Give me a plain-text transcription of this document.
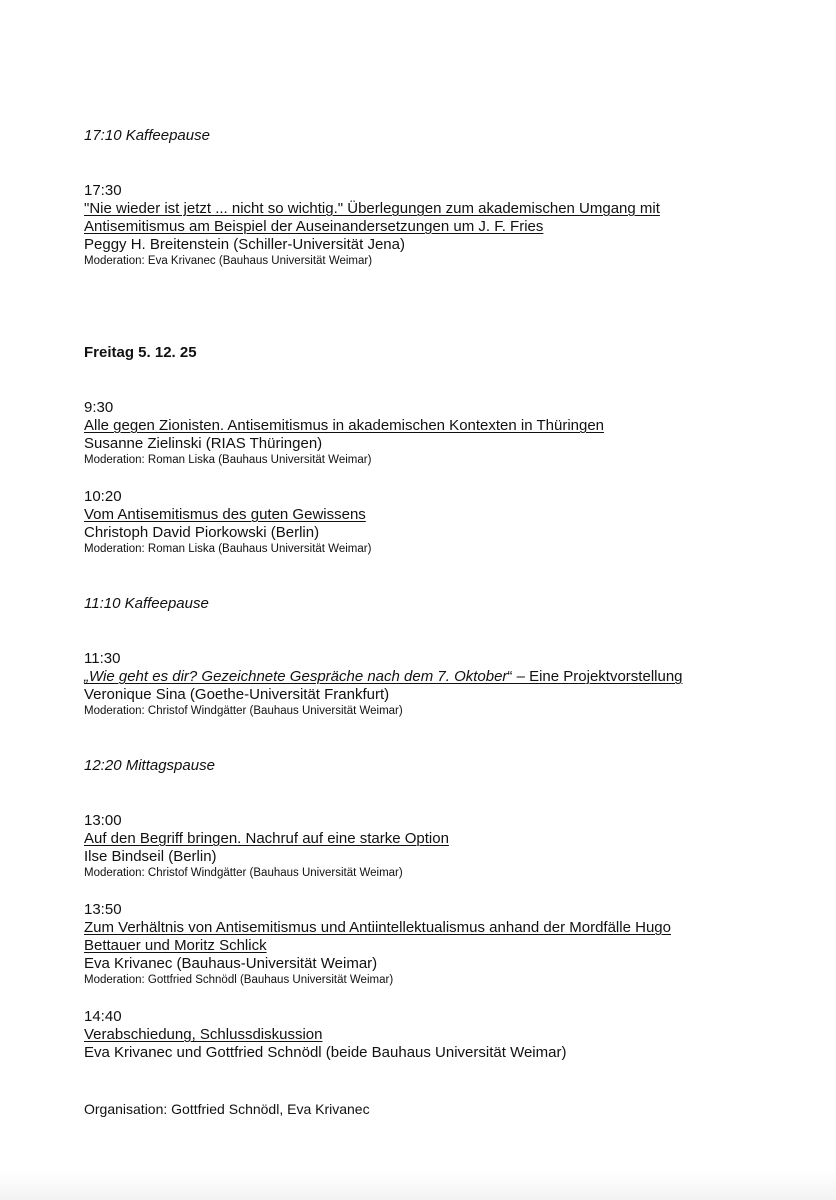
17:10 Kaffeepause
17:30
"Nie wieder ist jetzt ... nicht so wichtig." Überlegungen zum akademischen Umgang mit
Antisemitismus am Beispiel der Auseinandersetzungen um J. F. Fries
Peggy H. Breitenstein (Schiller-Universität Jena)
Moderation: Eva Krivanec (Bauhaus Universität Weimar)
Freitag 5. 12. 25
9:30
Alle gegen Zionisten. Antisemitismus in akademischen Kontexten in Thüringen
Susanne Zielinski (RIAS Thüringen)
Moderation: Roman Liska (Bauhaus Universität Weimar)
10:20
Vom Antisemitismus des guten Gewissens
Christoph David Piorkowski (Berlin)
Moderation: Roman Liska (Bauhaus Universität Weimar)
11:10 Kaffeepause
11:30
„Wie geht es dir? Gezeichnete Gespräche nach dem 7. Oktober“ – Eine Projektvorstellung
Veronique Sina (Goethe-Universität Frankfurt)
Moderation: Christof Windgätter (Bauhaus Universität Weimar)
12:20 Mittagspause
13:00
Auf den Begriff bringen. Nachruf auf eine starke Option
Ilse Bindseil (Berlin)
Moderation: Christof Windgätter (Bauhaus Universität Weimar)
13:50
Zum Verhältnis von Antisemitismus und Antiintellektualismus anhand der Mordfälle Hugo
Bettauer und Moritz Schlick
Eva Krivanec (Bauhaus-Universität Weimar)
Moderation: Gottfried Schnödl (Bauhaus Universität Weimar)
14:40
Verabschiedung, Schlussdiskussion
Eva Krivanec und Gottfried Schnödl (beide Bauhaus Universität Weimar)
Organisation: Gottfried Schnödl, Eva Krivanec
